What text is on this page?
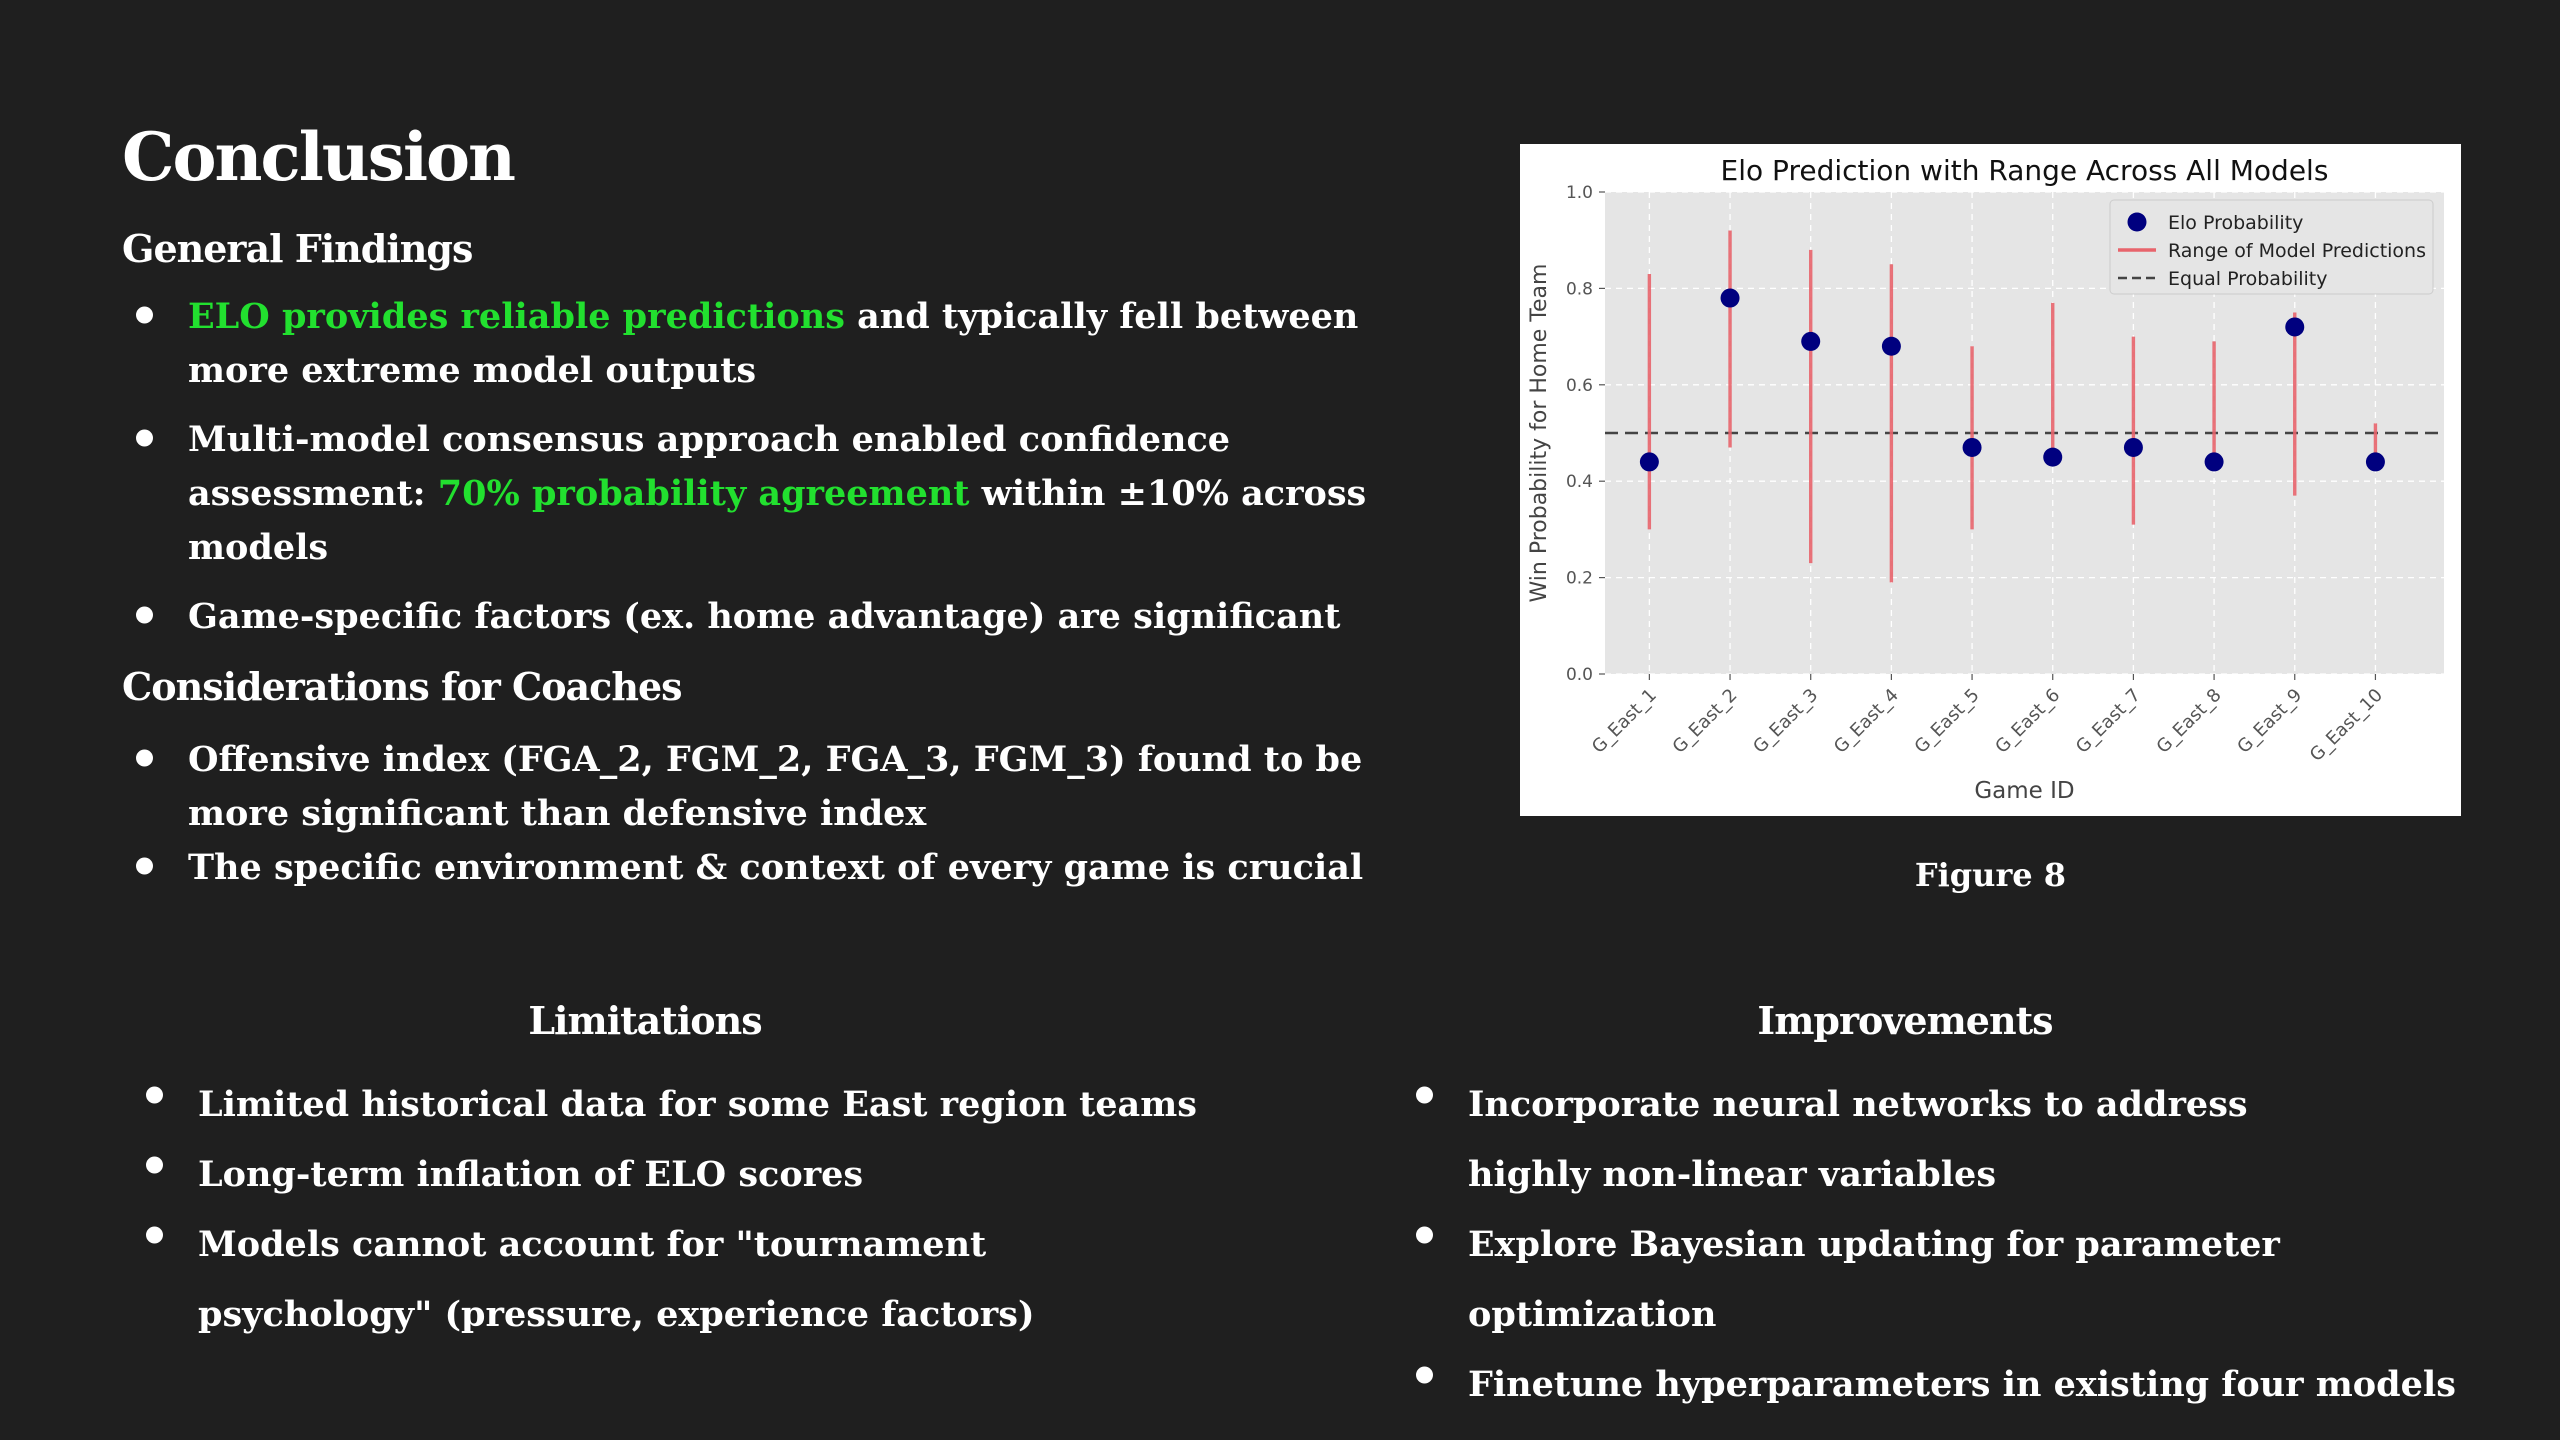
Conclusion
General Findings
ELO provides reliable predictions and typically fell between more extreme model outputs
Multi-model consensus approach enabled confidence assessment: 70% probability agreement within ±10% across models
Game-specific factors (ex. home advantage) are significant
Considerations for Coaches
Offensive index (FGA_2, FGM_2, FGA_3, FGM_3) found to be more significant than defensive index
The specific environment & context of every game is crucial
0.0
0.2
0.4
0.6
0.8
1.0
G_East_1 G_East_2 G_East_3 G_East_4 G_East_5 G_East_6 G_East_7 G_East_8 G_East_9 G_East_10
Elo Prediction with Range Across All Models
Game ID
Win Probability for Home Team
Elo Probability
Range of Model Predictions
Equal Probability
Figure 8
Limitations
Limited historical data for some East region teams
Long-term inflation of ELO scores
Models cannot account for "tournament psychology" (pressure, experience factors)
Improvements
Incorporate neural networks to address highly non-linear variables
Explore Bayesian updating for parameter optimization
Finetune hyperparameters in existing four models
